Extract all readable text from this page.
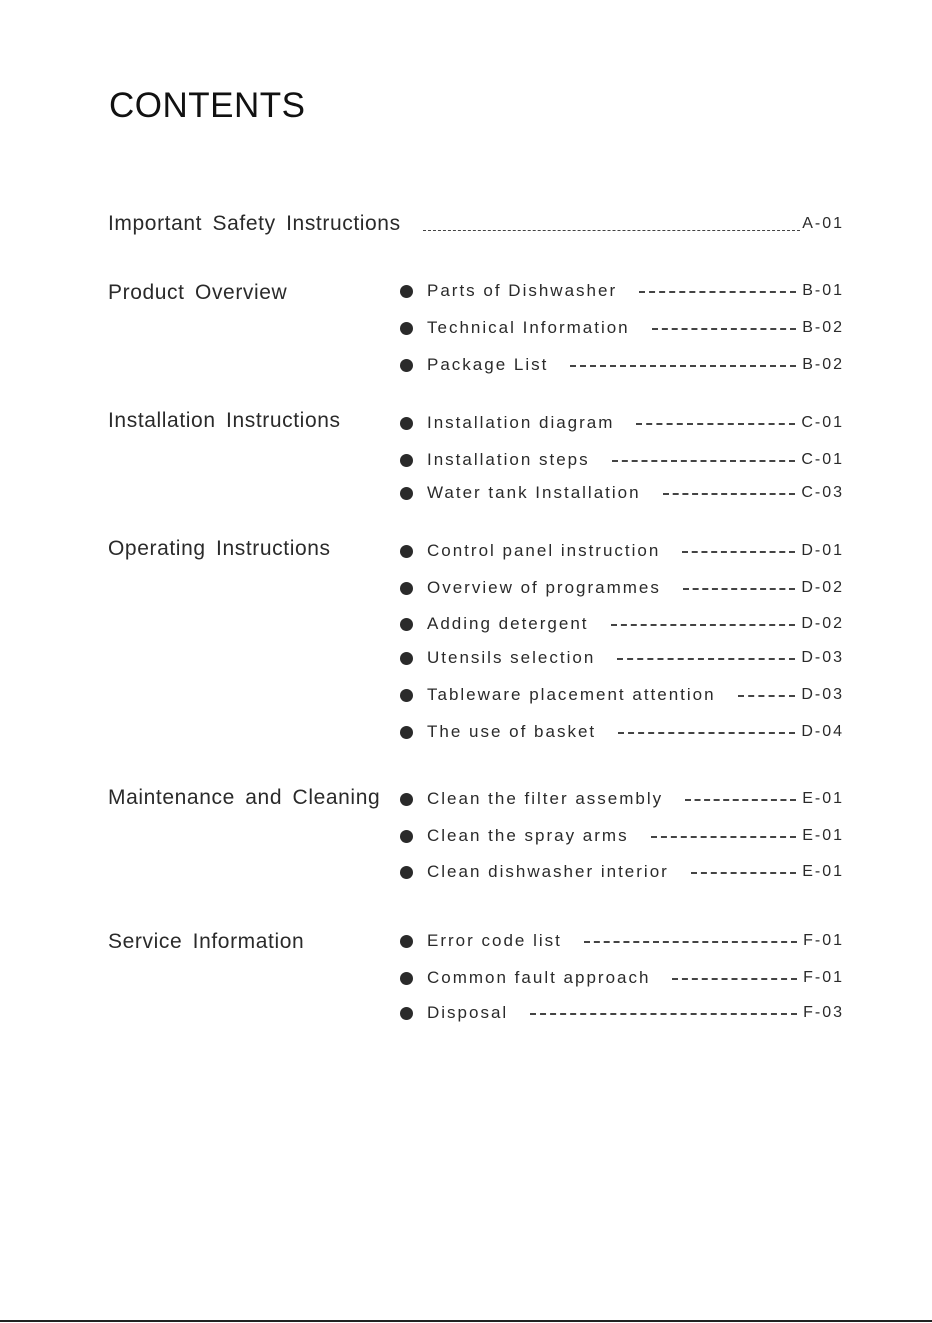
CONTENTS
Important Safety Instructions	A-01
Product Overview	Parts of Dishwasher	B-01
Technical Information	B-02
Package List	B-02
Installation Instructions	Installation diagram	C-01
Installation steps	C-01
Water tank Installation	C-03
Operating Instructions	Control panel instruction	D-01
Overview of programmes	D-02
Adding detergent	D-02
Utensils selection	D-03
Tableware placement attention	D-03
The use of basket	D-04
Maintenance and Cleaning	Clean the filter assembly	E-01
Clean the spray arms	E-01
Clean dishwasher interior	E-01
Service Information	Error code list	F-01
Common fault approach	F-01
Disposal	F-03
